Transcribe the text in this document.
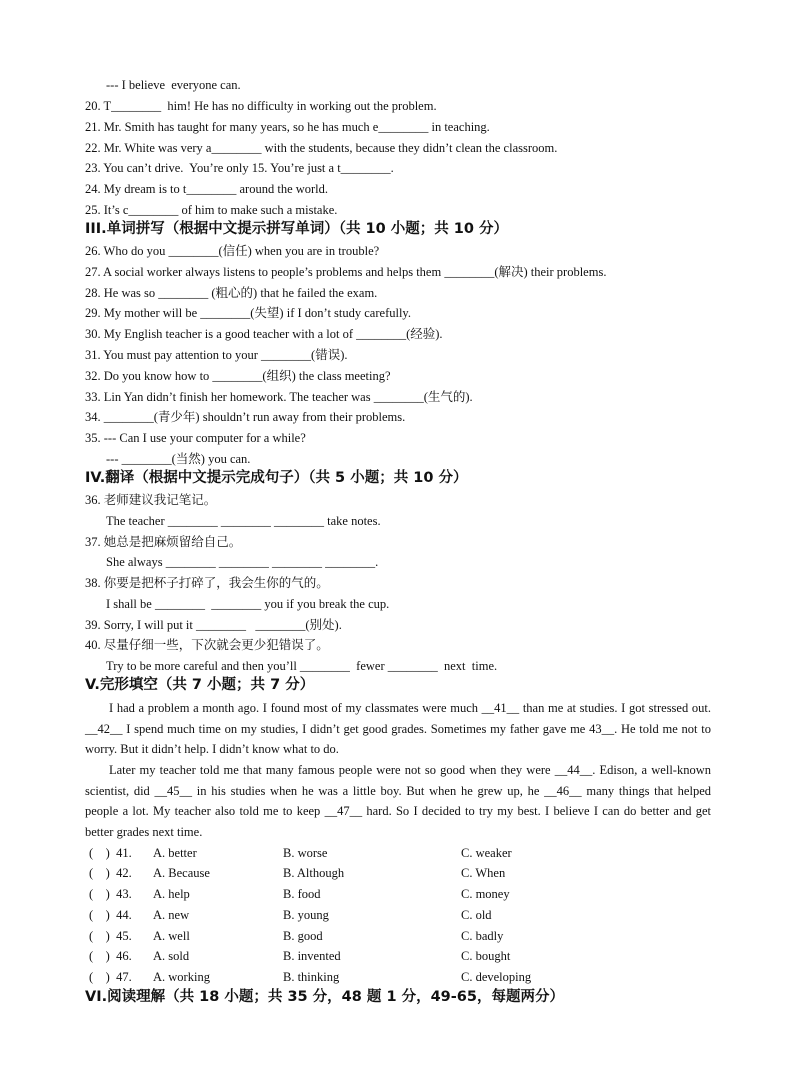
--- I believe  everyone can.
20. T________  him! He has no difficulty in working out the problem.
21. Mr. Smith has taught for many years, so he has much e________ in teaching.
22. Mr. White was very a________ with the students, because they didn’t clean the classroom.
23. You can’t drive.  You’re only 15. You’re just a t________.
24. My dream is to t________ around the world.
25. It’s c________ of him to make such a mistake.
III.单词拼写（根据中文提示拼写单词）（共 10 小题；共 10 分）
26. Who do you ________(信任) when you are in trouble?
27. A social worker always listens to people’s problems and helps them ________(解决) their problems.
28. He was so ________ (粗心的) that he failed the exam.
29. My mother will be ________(失望) if I don’t study carefully.
30. My English teacher is a good teacher with a lot of ________(经验).
31. You must pay attention to your ________(错误).
32. Do you know how to ________(组织) the class meeting?
33. Lin Yan didn’t finish her homework. The teacher was ________(生气的).
34. ________(青少年) shouldn’t run away from their problems.
35. --- Can I use your computer for a while?
--- ________(当然) you can.
IV.翻译（根据中文提示完成句子）（共 5 小题；共 10 分）
36. 老师建议我记笔记。
The teacher ________ ________ ________ take notes.
37. 她总是把麻烦留给自己。
She always ________ ________ ________ ________.
38. 你要是把杯子打碎了，我会生你的气的。
I shall be ________  ________ you if you break the cup.
39. Sorry, I will put it ________   ________(别处).
40. 尽量仔细一些，下次就会更少犯错误了。
Try to be more careful and then you’ll ________  fewer ________  next  time.
V.完形填空（共 7 小题；共 7 分）
I had a problem a month ago. I found most of my classmates were much __41__ than me at studies. I got stressed out. __42__ I spend much time on my studies, I didn’t get good grades. Sometimes my father gave me 43__. He told me not to worry. But it didn’t help. I didn’t know what to do.
Later my teacher told me that many famous people were not so good when they were __44__. Edison, a well-known scientist, did __45__ in his studies when he was a little boy. But when he grew up, he __46__ many things that helped people a lot. My teacher also told me to keep __47__ hard. So I decided to try my best. I believe I can do better and get better grades next time.
(    )  41. A. better	B. worse	C. weaker
(    )  42. A. Because	B. Although	C. When
(    )  43. A. help	B. food	C. money
(    )  44. A. new	B. young	C. old
(    )  45. A. well	B. good	C. badly
(    )  46. A. sold	B. invented	C. bought
(    )  47. A. working	B. thinking	C. developing
VI.阅读理解（共 18 小题；共 35 分，48 题 1 分，49-65，每题两分）
